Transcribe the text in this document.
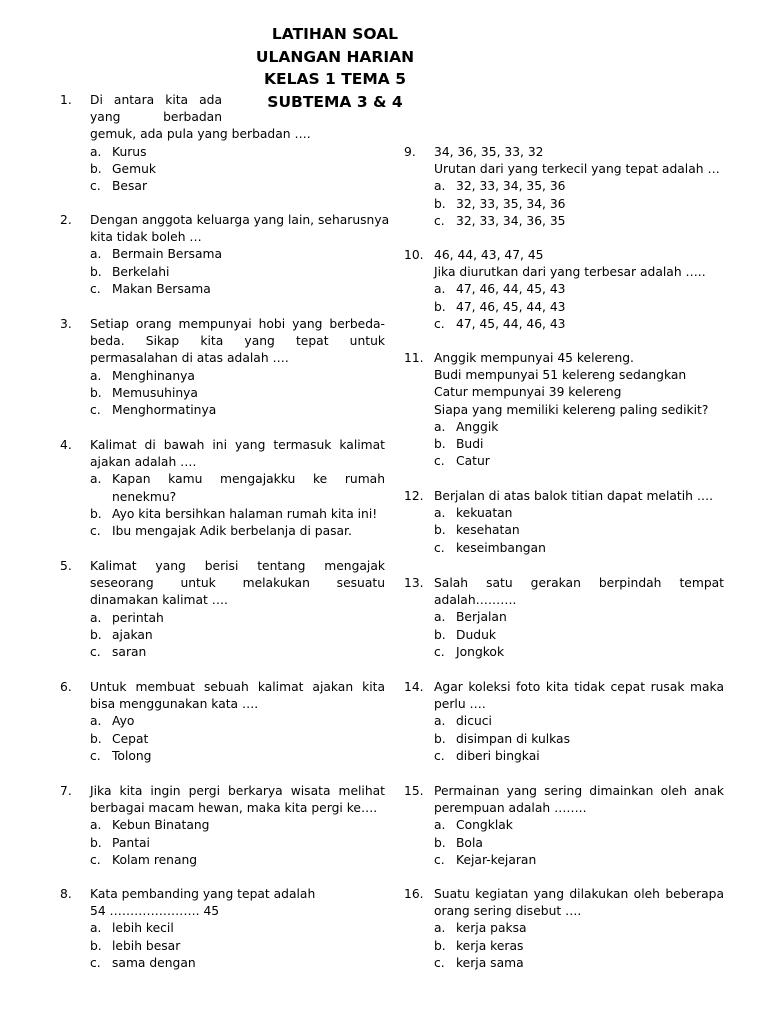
LATIHAN SOAL
ULANGAN HARIAN
KELAS 1 TEMA 5
SUBTEMA 3 & 4
1.	Di antara kita ada
yang berbadan
gemuk, ada pula yang berbadan ….
a. Kurus
b. Gemuk
c. Besar
2.	Dengan anggota keluarga yang lain, seharusnya
kita tidak boleh …
a. Bermain Bersama
b. Berkelahi
c. Makan Bersama
3.	Setiap orang mempunyai hobi yang berbeda-
beda. Sikap kita yang tepat untuk
permasalahan di atas adalah ….
a. Menghinanya
b. Memusuhinya
c. Menghormatinya
4.	Kalimat di bawah ini yang termasuk kalimat
ajakan adalah ….
a. Kapan kamu mengajakku ke rumah
nenekmu?
b. Ayo kita bersihkan halaman rumah kita ini!
c. Ibu mengajak Adik berbelanja di pasar.
5.	Kalimat yang berisi tentang mengajak
seseorang untuk melakukan sesuatu
dinamakan kalimat ….
a. perintah
b. ajakan
c. saran
6.	Untuk membuat sebuah kalimat ajakan kita
bisa menggunakan kata ….
a. Ayo
b. Cepat
c. Tolong
7.	Jika kita ingin pergi berkarya wisata melihat
berbagai macam hewan, maka kita pergi ke….
a. Kebun Binatang
b. Pantai
c. Kolam renang
8.	Kata pembanding yang tepat adalah
54 …………………. 45
a. lebih kecil
b. lebih besar
c. sama dengan
9.	34, 36, 35, 33, 32
Urutan dari yang terkecil yang tepat adalah …
a. 32, 33, 34, 35, 36
b. 32, 33, 35, 34, 36
c. 32, 33, 34, 36, 35
10. 46, 44, 43, 47, 45
Jika diurutkan dari yang terbesar adalah …..
a. 47, 46, 44, 45, 43
b. 47, 46, 45, 44, 43
c. 47, 45, 44, 46, 43
11. Anggik mempunyai 45 kelereng.
Budi mempunyai 51 kelereng sedangkan
Catur mempunyai 39 kelereng
Siapa yang memiliki kelereng paling sedikit?
a. Anggik
b. Budi
c. Catur
12. Berjalan di atas balok titian dapat melatih ….
a. kekuatan
b. kesehatan
c. keseimbangan
13. Salah satu gerakan berpindah tempat
adalah……….
a. Berjalan
b. Duduk
c. Jongkok
14. Agar koleksi foto kita tidak cepat rusak maka
perlu ….
a. dicuci
b. disimpan di kulkas
c. diberi bingkai
15. Permainan yang sering dimainkan oleh anak
perempuan adalah ……..
a. Congklak
b. Bola
c. Kejar-kejaran
16. Suatu kegiatan yang dilakukan oleh beberapa
orang sering disebut ….
a. kerja paksa
b. kerja keras
c. kerja sama
